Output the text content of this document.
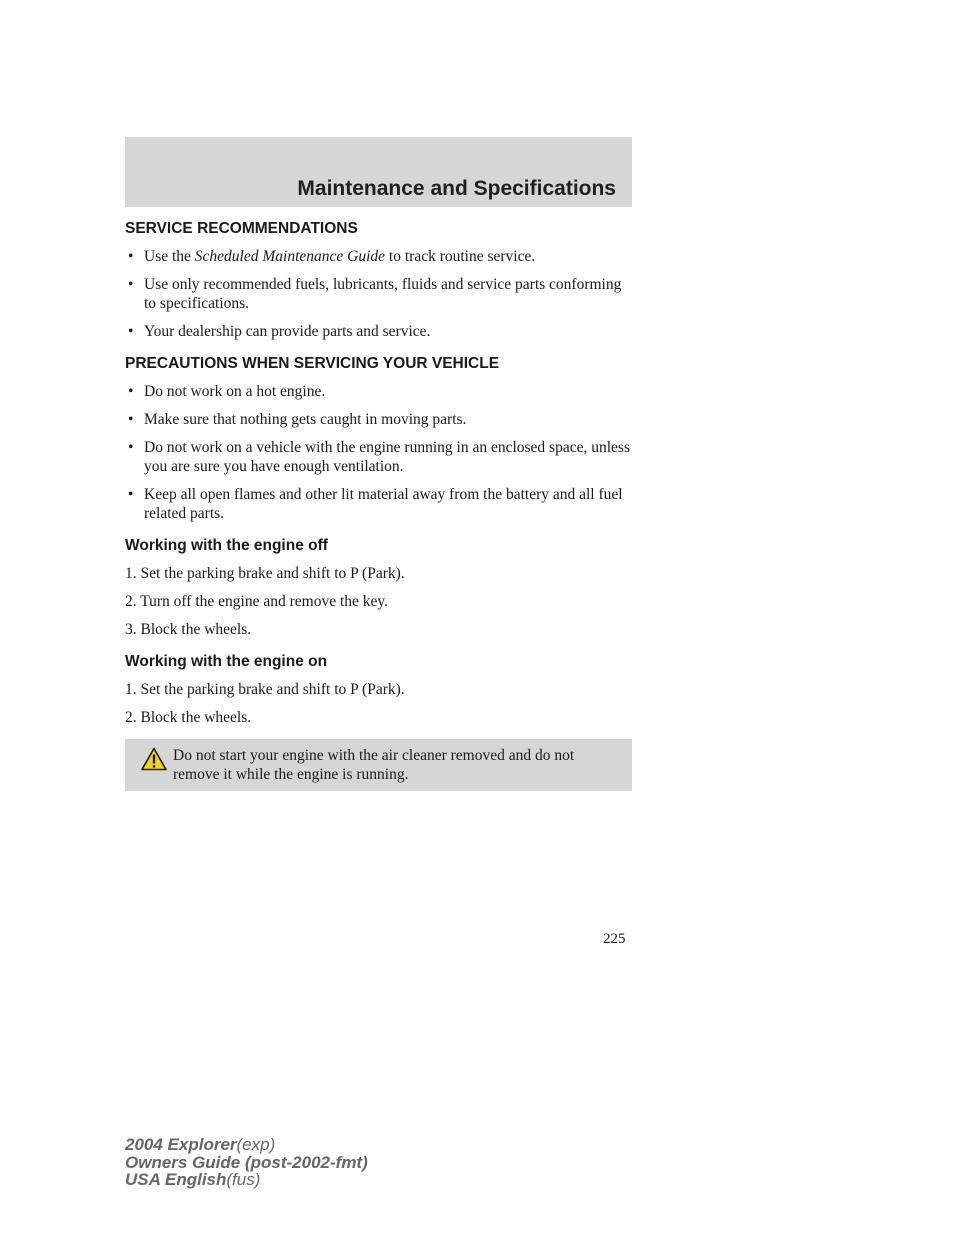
Maintenance and Specifications
SERVICE RECOMMENDATIONS
• Use the Scheduled Maintenance Guide to track routine service.
• Use only recommended fuels, lubricants, fluids and service parts conforming to specifications.
• Your dealership can provide parts and service.
PRECAUTIONS WHEN SERVICING YOUR VEHICLE
• Do not work on a hot engine.
• Make sure that nothing gets caught in moving parts.
• Do not work on a vehicle with the engine running in an enclosed space, unless you are sure you have enough ventilation.
• Keep all open flames and other lit material away from the battery and all fuel related parts.
Working with the engine off
1. Set the parking brake and shift to P (Park).
2. Turn off the engine and remove the key.
3. Block the wheels.
Working with the engine on
1. Set the parking brake and shift to P (Park).
2. Block the wheels.
Do not start your engine with the air cleaner removed and do not remove it while the engine is running.
225
2004 Explorer(exp)
Owners Guide (post-2002-fmt)
USA English(fus)
